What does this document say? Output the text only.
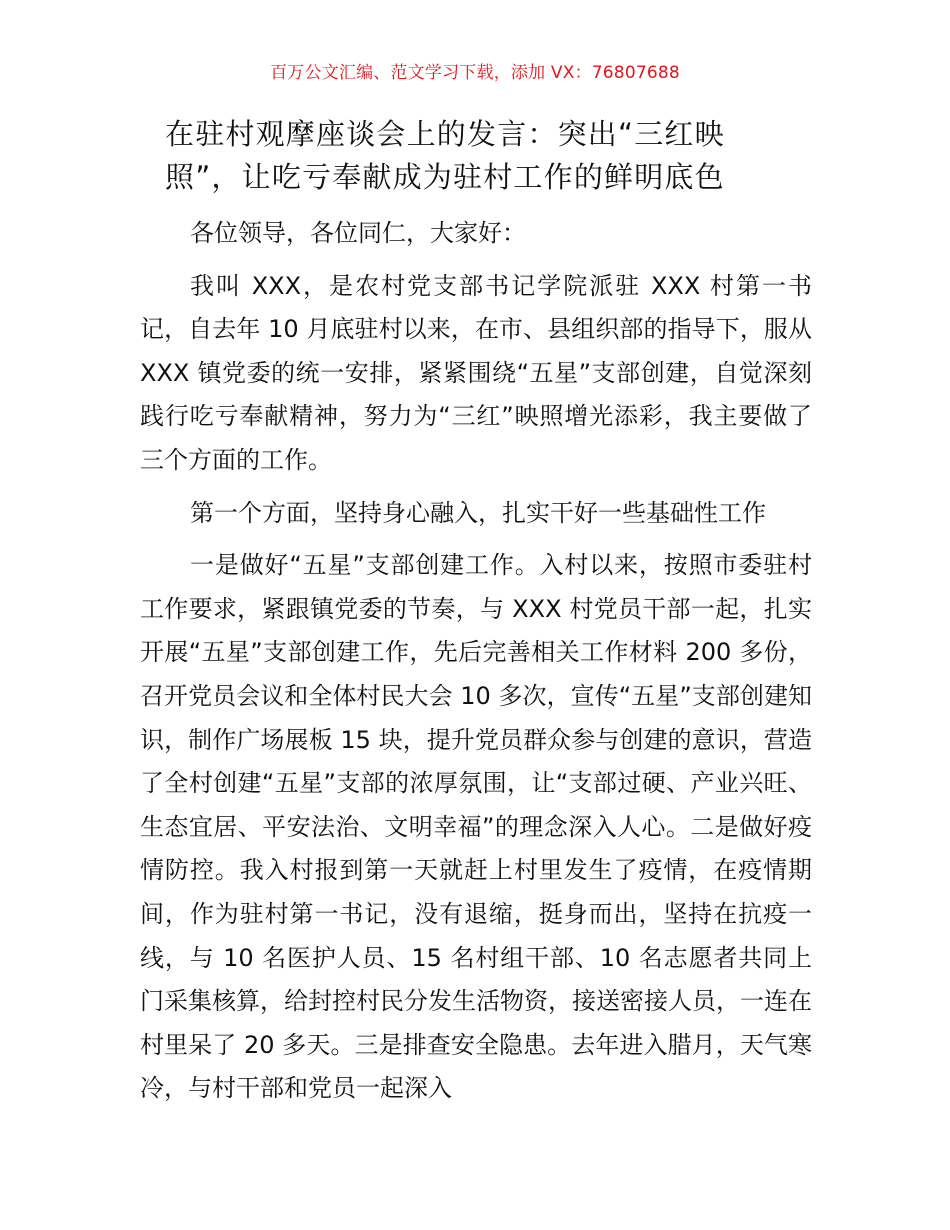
百万公文汇编、范文学习下载，添加 VX：76807688
在驻村观摩座谈会上的发言：突出“三红映
照”，让吃亏奉献成为驻村工作的鲜明底色

各位领导，各位同仁，大家好：

我叫 XXX，是农村党支部书记学院派驻 XXX 村第一书记，自去年 10 月底驻村以来，在市、县组织部的指导下，服从 XXX 镇党委的统一安排，紧紧围绕“五星”支部创建，自觉深刻践行吃亏奉献精神，努力为“三红”映照增光添彩，我主要做了三个方面的工作。

第一个方面，坚持身心融入，扎实干好一些基础性工作

一是做好“五星”支部创建工作。入村以来，按照市委驻村工作要求，紧跟镇党委的节奏，与 XXX 村党员干部一起，扎实开展“五星”支部创建工作，先后完善相关工作材料 200 多份，召开党员会议和全体村民大会 10 多次，宣传“五星”支部创建知识，制作广场展板 15 块，提升党员群众参与创建的意识，营造了全村创建“五星”支部的浓厚氛围，让“支部过硬、产业兴旺、生态宜居、平安法治、文明幸福”的理念深入人心。二是做好疫情防控。我入村报到第一天就赶上村里发生了疫情，在疫情期间，作为驻村第一书记，没有退缩，挺身而出，坚持在抗疫一线，与 10 名医护人员、15 名村组干部、10 名志愿者共同上门采集核算，给封控村民分发生活物资，接送密接人员，一连在村里呆了 20 多天。三是排查安全隐患。去年进入腊月，天气寒冷，与村干部和党员一起深入
